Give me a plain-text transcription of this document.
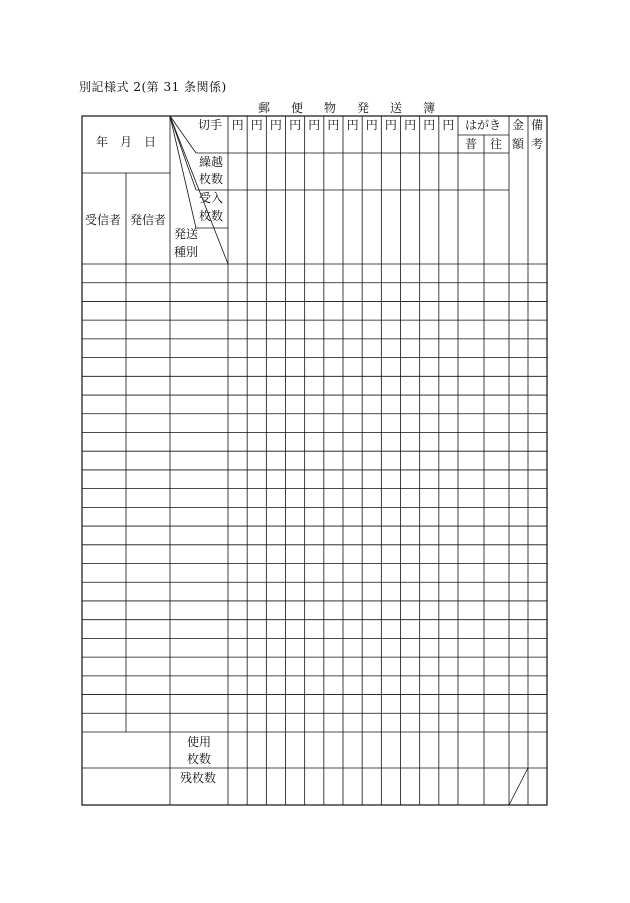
別記様式 2(第 31 条関係)
郵 便 物 発 送 簿
年　月　日
受信者 発信者
切手
繰越
枚数
受入
枚数
発送
種別
円 円 円 円 円 円 円 円 円 円 円 円 はがき
普 往
金
額
備
考
使用
枚数
残枚数
